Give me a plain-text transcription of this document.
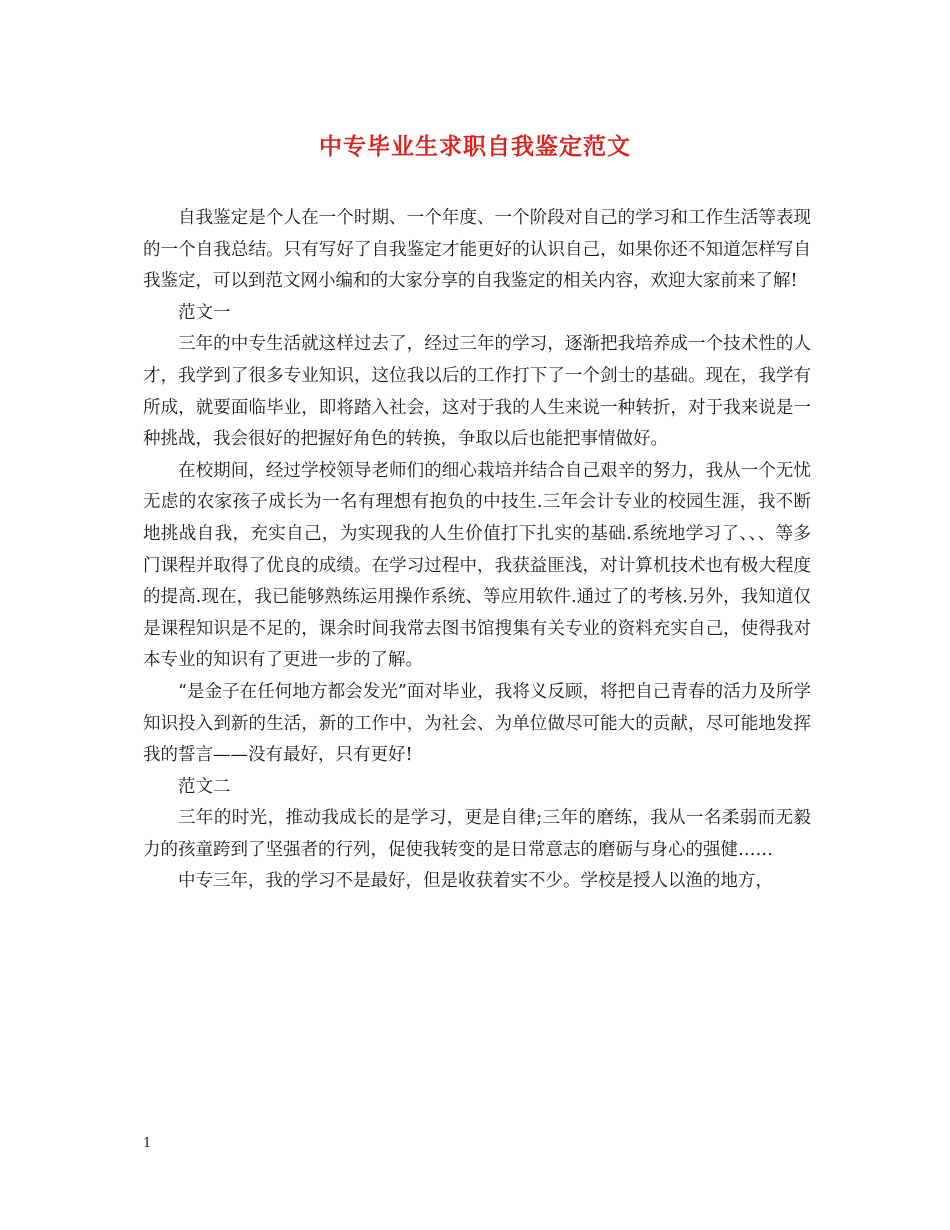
中专毕业生求职自我鉴定范文

自我鉴定是个人在一个时期、一个年度、一个阶段对自己的学习和工作生活等表现的一个自我总结。只有写好了自我鉴定才能更好的认识自己，如果你还不知道怎样写自我鉴定，可以到范文网小编和的大家分享的自我鉴定的相关内容，欢迎大家前来了解!

范文一

三年的中专生活就这样过去了，经过三年的学习，逐渐把我培养成一个技术性的人才，我学到了很多专业知识，这位我以后的工作打下了一个剑士的基础。现在，我学有所成，就要面临毕业，即将踏入社会，这对于我的人生来说一种转折，对于我来说是一种挑战，我会很好的把握好角色的转换，争取以后也能把事情做好。

在校期间，经过学校领导老师们的细心栽培并结合自己艰辛的努力，我从一个无忧无虑的农家孩子成长为一名有理想有抱负的中技生.三年会计专业的校园生涯，我不断地挑战自我，充实自己，为实现我的人生价值打下扎实的基础.系统地学习了、、、等多门课程并取得了优良的成绩。在学习过程中，我获益匪浅，对计算机技术也有极大程度的提高.现在，我已能够熟练运用操作系统、等应用软件.通过了的考核.另外，我知道仅是课程知识是不足的，课余时间我常去图书馆搜集有关专业的资料充实自己，使得我对本专业的知识有了更进一步的了解。

“是金子在任何地方都会发光”面对毕业，我将义反顾，将把自己青春的活力及所学知识投入到新的生活，新的工作中，为社会、为单位做尽可能大的贡献，尽可能地发挥我的誓言——没有最好，只有更好!

范文二

三年的时光，推动我成长的是学习，更是自律;三年的磨练，我从一名柔弱而无毅力的孩童跨到了坚强者的行列，促使我转变的是日常意志的磨砺与身心的强健……

中专三年，我的学习不是最好，但是收获着实不少。学校是授人以渔的地方，

1
